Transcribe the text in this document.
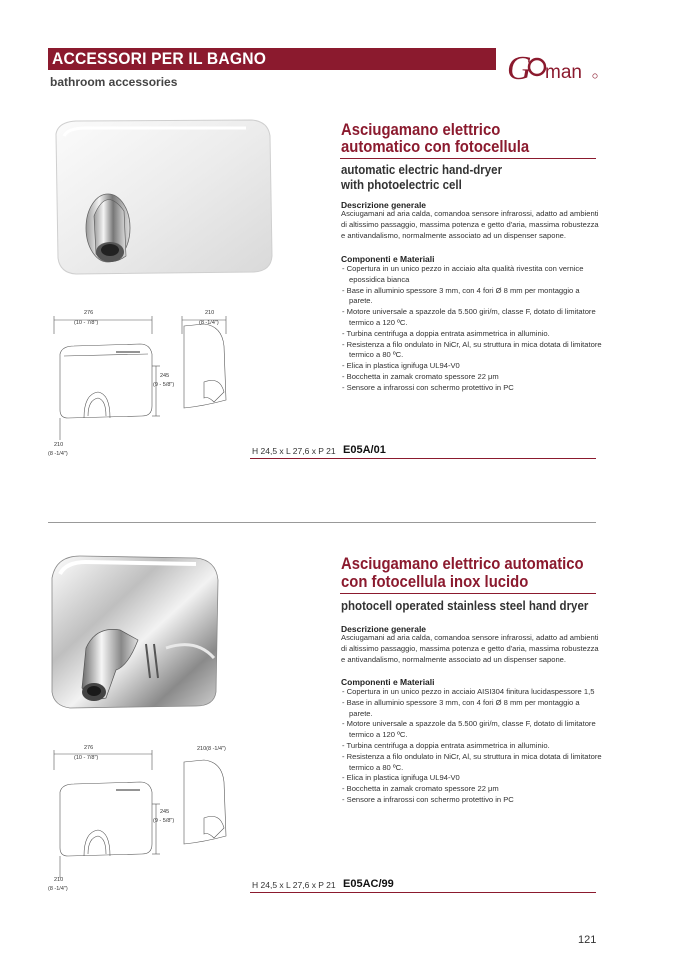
ACCESSORI PER IL BAGNO
bathroom accessories	G man
276
(10 - 7/8")
210
(8 -1/4")
245
(9 - 5/8")
210
(8 -1/4")
Asciugamano elettrico
automatico con fotocellula
automatic electric hand-dryer
with photoelectric cell
Descrizione generale
Asciugamani ad aria calda, comandoa sensore infrarossi, adatto ad ambienti di altissimo passaggio, massima potenza e getto d'aria, massima robustezza e antivandalismo, normalmente associato ad un dispenser sapone.
Componenti e Materiali
- Copertura in un unico pezzo in acciaio alta qualità rivestita con vernice epossidica bianca
- Base in alluminio spessore 3 mm, con 4 fori Ø 8 mm per montaggio a parete.
- Motore universale a spazzole da 5.500 giri/m, classe F, dotato di limitatore termico a 120 ºC.
- Turbina centrifuga a doppia entrata asimmetrica in alluminio.
- Resistenza a filo ondulato in NiCr, Al, su struttura in mica dotata di limitatore termico a 80 ºC.
- Elica in plastica ignifuga UL94-V0
- Bocchetta in zamak cromato spessore 22 μm
- Sensore a infrarossi con schermo protettivo in PC
H 24,5 x L 27,6 x P 21 E05A/01
276
(10 - 7/8")
210(8 -1/4")
245
(9 - 5/8")
210
(8 -1/4")
Asciugamano elettrico automatico
con fotocellula inox lucido
photocell operated stainless steel hand dryer
Descrizione generale
Asciugamani ad aria calda, comandoa sensore infrarossi, adatto ad ambienti di altissimo passaggio, massima potenza e getto d'aria, massima robustezza e antivandalismo, normalmente associato ad un dispenser sapone.
Componenti e Materiali
- Copertura in un unico pezzo in acciaio AISI304 finitura lucidaspessore 1,5
- Base in alluminio spessore 3 mm, con 4 fori Ø 8 mm per montaggio a parete.
- Motore universale a spazzole da 5.500 giri/m, classe F, dotato di limitatore termico a 120 ºC.
- Turbina centrifuga a doppia entrata asimmetrica in alluminio.
- Resistenza a filo ondulato in NiCr, Al, su struttura in mica dotata di limitatore termico a 80 ºC.
- Elica in plastica ignifuga UL94-V0
- Bocchetta in zamak cromato spessore 22 μm
- Sensore a infrarossi con schermo protettivo in PC
H 24,5 x L 27,6 x P 21 E05AC/99
121
